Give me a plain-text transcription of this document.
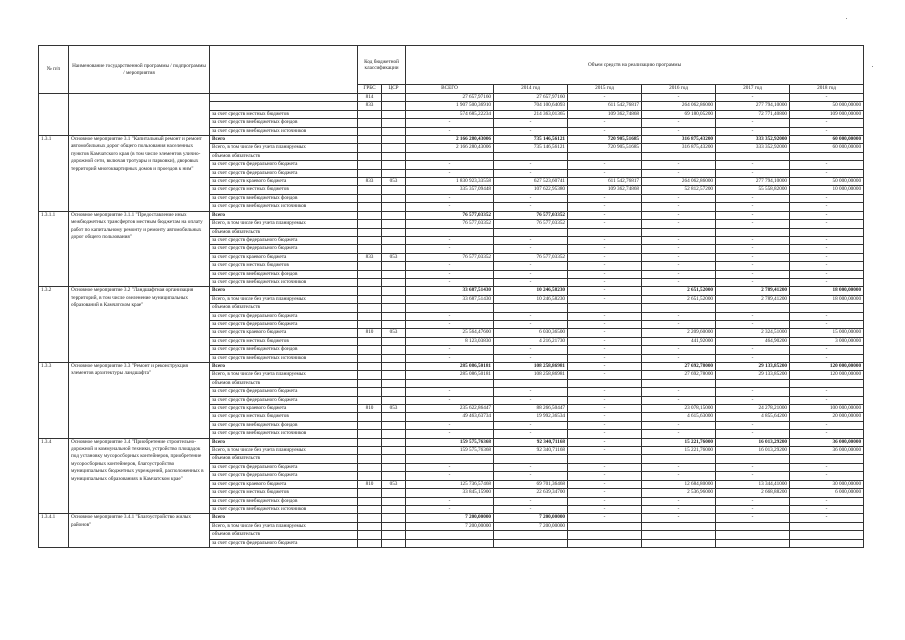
№ п/п	Наименование государственной программы / подпрограммы / мероприятия		Код бюджетной классификации		Объем средств на реализацию программы					
			ГРБС	ЦСР	ВСЕГО	2014 год	2015 год	2016 год	2017 год	2018 год
			814		27 657,97160	27 657,97160	-	-	-	-
			833		1 907 500,36910	704 100,64093	611 542,76817	264 062,86000	277 794,10000	50 000,00000
		за счет средств местных бюджетов			574 685,22234	214 363,01365	109 362,74868	69 180,05200	72 771,40800	109 000,00000
		за счет средств внебюджетных фондов			-	-	-	-	-	-
		за счет средств внебюджетных источников			-	-	-	-	-	-
1.3.1	Основное мероприятие 3.1 "Капитальный ремонт и ремонт автомобильных дорог общего пользования населенных пунктов Камчатского края (в том числе элементов улично-дорожной сети, включая тротуары и парковки), дворовых территорий многоквартирных домов и проездов к ним"	Всего			2 166 280,43006	735 146,56121	720 905,51685	316 875,43200	333 352,92000	60 000,00000
		Всего, в том числе без учета планируемых			2 166 280,43006	735 146,56121	720 905,51685	316 875,43200	333 352,92000	60 000,00000
		объемов обязательств								
		за счет средств федерального бюджета			-	-	-	-	-	-
		за счет средств федерального бюджета			-	-	-	-	-	-
		за счет средств краевого бюджета	833	053	1 830 923,33558	627 523,60741	611 542,76817	264 062,86000	277 794,10000	50 000,00000
		за счет средств местных бюджетов			335 357,09448	107 622,95380	109 362,74868	52 812,57200	55 558,82000	10 000,00000
		за счет средств внебюджетных фондов			-	-	-	-	-	-
		за счет средств внебюджетных источников			-	-	-	-	-	-
1.3.1.1	Основное мероприятие 3.1.1 "Предоставление иных межбюджетных трансфертов местным бюджетам на оплату работ по капитальному ремонту и ремонту автомобильных дорог общего пользования"	Всего			76 577,03352	76 577,03352	-	-	-	-
		Всего, в том числе без учета планируемых			76 577,03352	76 577,03352	-	-	-	-
		объемов обязательств								
		за счет средств федерального бюджета			-	-	-	-	-	-
		за счет средств федерального бюджета			-	-	-	-	-	-
		за счет средств краевого бюджета	833	053	76 577,03352	76 577,03352	-	-	-	-
		за счет средств местных бюджетов			-	-	-	-	-	-
		за счет средств внебюджетных фондов			-	-	-	-	-	-
		за счет средств внебюджетных источников			-	-	-	-	-	-
1.3.2	Основное мероприятие 3.2 "Ландшафтная организация территорий, в том числе озеленение муниципальных образований в Камчатском крае"	Всего			33 687,51430	10 246,58230	-	2 651,52000	2 789,41200	18 000,00000
		Всего, в том числе без учета планируемых			33 687,51430	10 246,58230	-	2 651,52000	2 789,41200	18 000,00000
		объемов обязательств								
		за счет средств федерального бюджета			-	-	-	-	-	-
		за счет средств федерального бюджета			-	-	-	-	-	-
		за счет средств краевого бюджета	810	053	25 564,47600	6 030,36500	-	2 209,60000	2 324,51000	15 000,00000
		за счет средств местных бюджетов			8 123,03830	4 216,21730	-	441,92000	464,90200	3 000,00000
		за счет средств внебюджетных фондов			-	-	-	-	-	-
		за счет средств внебюджетных источников			-	-	-	-	-	-
1.3.3	Основное мероприятие 3.3 "Ремонт и реконструкция элементов архитектуры ландшафта"	Всего			285 086,50181	108 258,86981	-	27 692,78000	29 133,85200	120 000,00000
		Всего, в том числе без учета планируемых			285 086,50181	108 258,86981	-	27 692,78000	29 133,85200	120 000,00000
		объемов обязательств								
		за счет средств федерального бюджета			-	-	-	-	-	-
		за счет средств федерального бюджета			-	-	-	-	-	-
		за счет средств краевого бюджета	810	053	235 622,86447	88 266,50447	-	23 078,15000	24 278,21000	100 000,00000
		за счет средств местных бюджетов			49 463,63734	19 992,36534	-	4 615,63000	4 855,64200	20 000,00000
		за счет средств внебюджетных фондов			-	-	-	-	-	-
		за счет средств внебюджетных источников			-	-	-	-	-	-
1.3.4	Основное мероприятие 3.4 "Приобретение строительно-дорожной и коммунальной техники, устройство площадок под установку мусоросборных контейнеров, приобретение мусоросборных контейнеров, благоустройство муниципальных бюджетных учреждений, расположенных в муниципальных образованиях в Камчатском крае"	Всего			159 575,76368	92 340,71168	-	15 221,76000	16 013,29200	36 000,00000
		Всего, в том числе без учета планируемых			159 575,76368	92 340,71168	-	15 221,76000	16 013,29200	36 000,00000
		объемов обязательств								
		за счет средств федерального бюджета			-	-	-	-	-	-
		за счет средств федерального бюджета			-	-	-	-	-	-
		за счет средств краевого бюджета	810	053	125 736,57468	69 701,36468	-	12 684,80000	13 344,41000	30 000,00000
		за счет средств местных бюджетов			33 845,15900	22 639,34700	-	2 536,96000	2 668,88200	6 000,00000
		за счет средств внебюджетных фондов			-	-	-	-	-	-
		за счет средств внебюджетных источников			-	-	-	-	-	-
1.3.4.1	Основное мероприятие 3.4.1 "Благоустройство жилых районов"	Всего			7 200,00000	7 200,00000	-	-	-	-
		Всего, в том числе без учета планируемых			7 200,00000	7 200,00000				
		объемов обязательств								
		за счет средств федерального бюджета								
